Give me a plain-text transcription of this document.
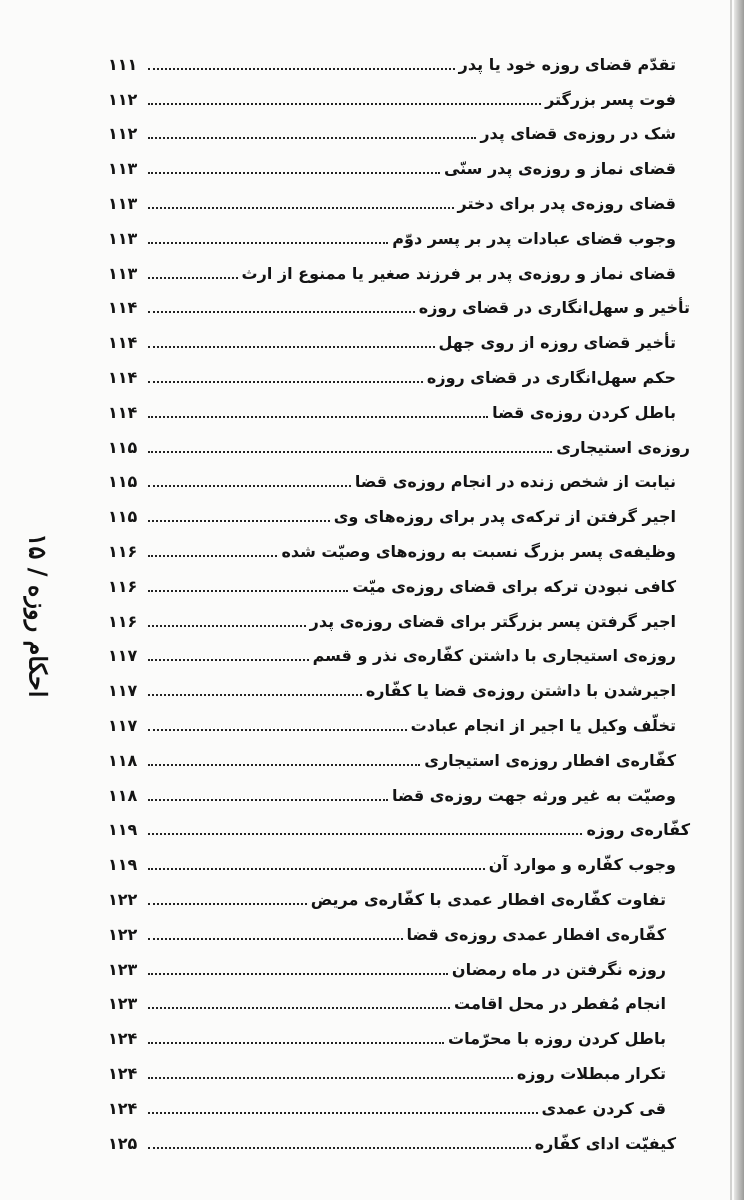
احکام روزه / ۱۵
تقدّم قضای روزه خود یا پدر
۱۱۱
فوت پسر بزرگتر
۱۱۲
شک در روزه‌ی قضای پدر
۱۱۲
قضای نماز و روزه‌ی پدر سنّی
۱۱۳
قضای روزه‌ی پدر برای دختر
۱۱۳
وجوب قضای عبادات پدر بر پسر دوّم
۱۱۳
قضای نماز و روزه‌ی پدر بر فرزند صغیر یا ممنوع از ارث
۱۱۳
تأخیر و سهل‌انگاری در قضای روزه
۱۱۴
تأخیر قضای روزه از روی جهل
۱۱۴
حکم سهل‌انگاری در قضای روزه
۱۱۴
باطل کردن روزه‌ی قضا
۱۱۴
روزه‌ی استیجاری
۱۱۵
نیابت از شخص زنده در انجام روزه‌ی قضا
۱۱۵
اجیر گرفتن از ترکه‌ی پدر برای روزه‌های وی
۱۱۵
وظیفه‌ی پسر بزرگ نسبت به روزه‌های وصیّت شده
۱۱۶
کافی نبودن ترکه برای قضای روزه‌ی میّت
۱۱۶
اجیر گرفتن پسر بزرگتر برای قضای روزه‌ی پدر
۱۱۶
روزه‌ی استیجاری با داشتن کفّاره‌ی نذر و قسم
۱۱۷
اجیرشدن با داشتن روزه‌ی قضا یا کفّاره
۱۱۷
تخلّف وکیل یا اجیر از انجام عبادت
۱۱۷
کفّاره‌ی افطار روزه‌ی استیجاری
۱۱۸
وصیّت به غیر ورثه جهت روزه‌ی قضا
۱۱۸
کفّاره‌ی روزه
۱۱۹
وجوب کفّاره و موارد آن
۱۱۹
تفاوت کفّاره‌ی افطار عمدی با کفّاره‌ی مریض
۱۲۲
کفّاره‌ی افطار عمدی روزه‌ی قضا
۱۲۲
روزه نگرفتن در ماه رمضان
۱۲۳
انجام مُفطر در محل اقامت
۱۲۳
باطل کردن روزه با محرّمات
۱۲۴
تکرار مبطلات روزه
۱۲۴
قی کردن عمدی
۱۲۴
کیفیّت ادای کفّاره
۱۲۵
